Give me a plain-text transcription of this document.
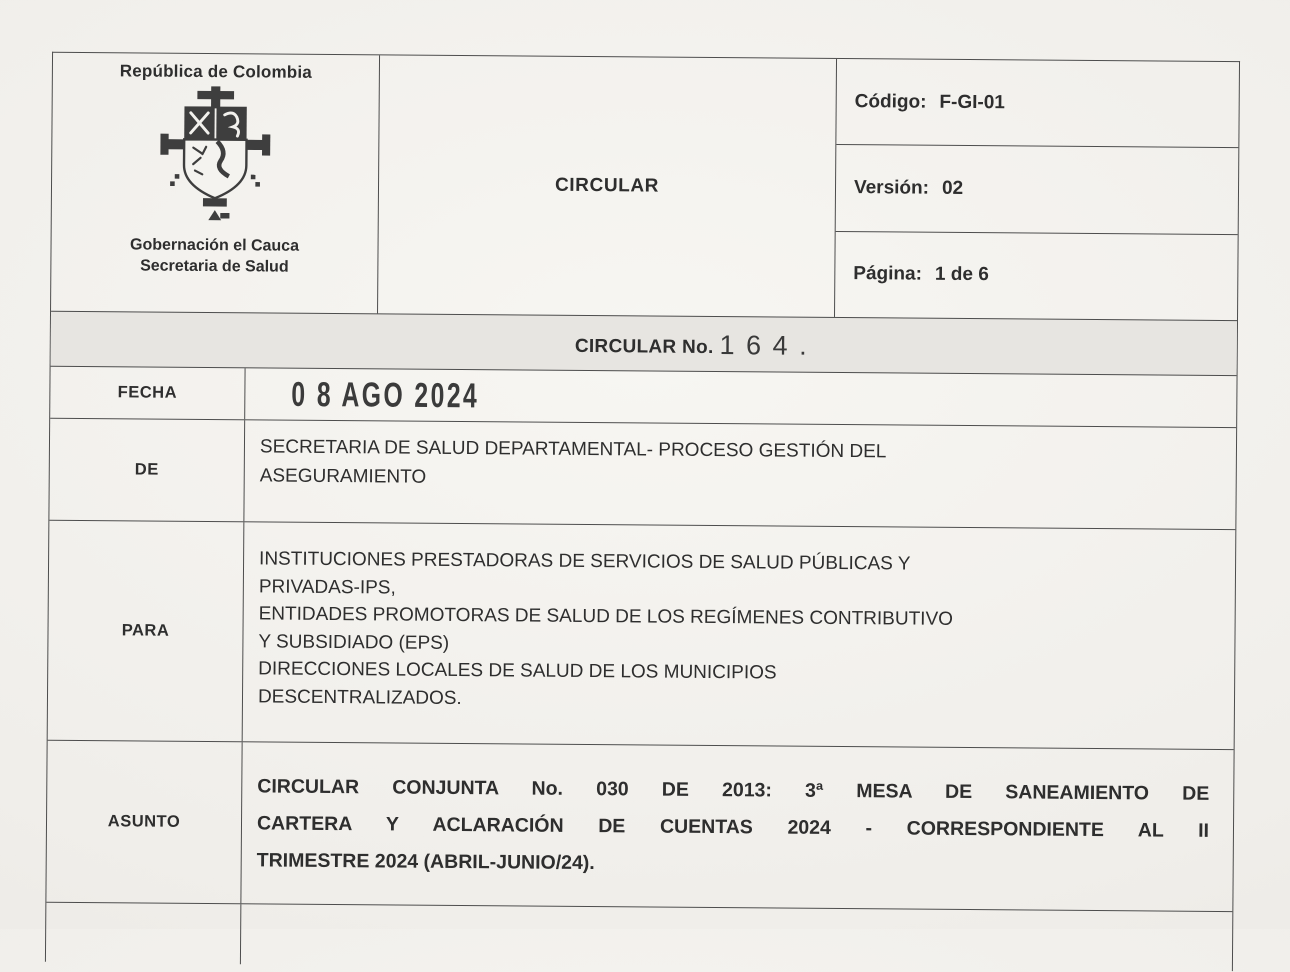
República de Colombia
Gobernación el Cauca
Secretaria de Salud
CIRCULAR
Código: F-GI-01
Versión: 02
Página: 1 de 6
CIRCULAR No. 1 6 4 .
FECHA	0 8 AGO 2024
DE
SECRETARIA DE SALUD DEPARTAMENTAL- PROCESO GESTIÓN DEL
ASEGURAMIENTO
PARA
INSTITUCIONES PRESTADORAS DE SERVICIOS DE SALUD PÚBLICAS Y
PRIVADAS-IPS,
ENTIDADES PROMOTORAS DE SALUD DE LOS REGÍMENES CONTRIBUTIVO
Y SUBSIDIADO (EPS)
DIRECCIONES LOCALES DE SALUD DE LOS MUNICIPIOS
DESCENTRALIZADOS.
ASUNTO
CIRCULAR CONJUNTA No. 030 DE 2013: 3ª MESA DE SANEAMIENTO DE
CARTERA Y ACLARACIÓN DE CUENTAS 2024 - CORRESPONDIENTE AL II
TRIMESTRE 2024 (ABRIL-JUNIO/24).
